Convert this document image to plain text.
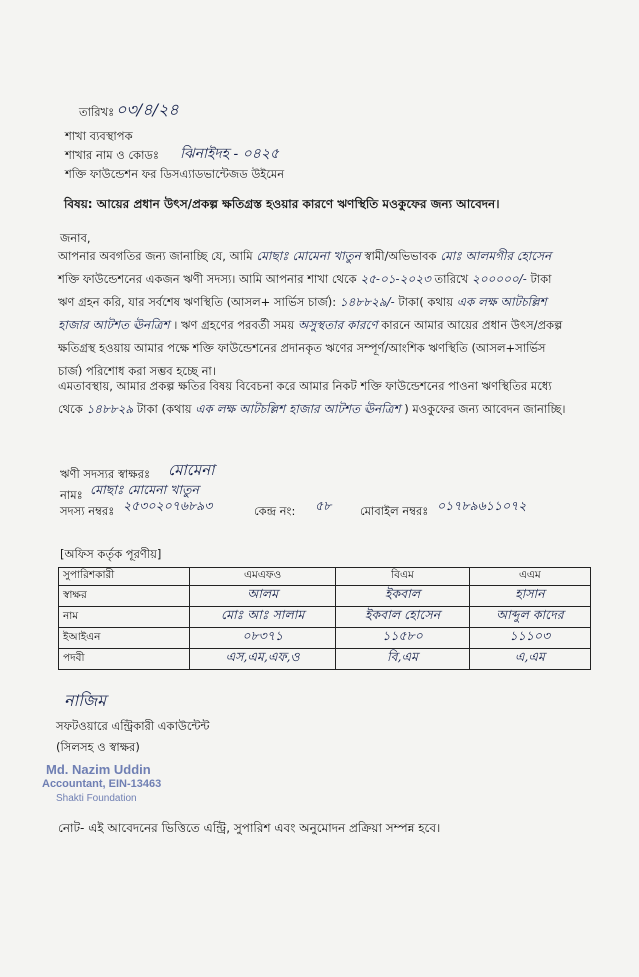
তারিখঃ ০৩/৪/২৪
শাখা ব্যবস্থাপক
শাখার নাম ও কোডঃ ঝিনাইদহ - ০৪২৫
শক্তি ফাউন্ডেশন ফর ডিসএ্যাডভান্টেজড উইমেন
বিষয়: আয়ের প্রধান উৎস/প্রকল্প ক্ষতিগ্রস্ত হওয়ার কারণে ঋণস্থিতি মওকুফের জন্য আবেদন।
জনাব,
আপনার অবগতির জন্য জানাচ্ছি যে, আমি মোছাঃ মোমেনা খাতুন স্বামী/অভিভাবক মোঃ আলমগীর হোসেন শক্তি ফাউন্ডেশনের একজন ঋণী সদস্য। আমি আপনার শাখা থেকে ২৫-০১-২০২৩ তারিখে ২০০০০০/- টাকা ঋণ গ্রহন করি, যার সর্বশেষ ঋণস্থিতি (আসল+ সার্ভিস চার্জ): ১৪৮৮২৯/- টাকা( কথায় এক লক্ষ আটচল্লিশ হাজার আটশত ঊনত্রিশ । ঋণ গ্রহণের পরবর্তী সময় অসুস্থতার কারণে কারনে আমার আয়ের প্রধান উৎস/প্রকল্প ক্ষতিগ্রস্থ হওয়ায় আমার পক্ষে শক্তি ফাউন্ডেশনের প্রদানকৃত ঋণের সম্পূর্ণ/আংশিক ঋণস্থিতি (আসল+সার্ভিস চার্জ) পরিশোধ করা সম্ভব হচ্ছে না।
এমতাবস্থায়, আমার প্রকল্প ক্ষতির বিষয় বিবেচনা করে আমার নিকট শক্তি ফাউন্ডেশনের পাওনা ঋণস্থিতির মধ্যে থেকে ১৪৮৮২৯ টাকা (কথায় এক লক্ষ আটচল্লিশ হাজার আটশত ঊনত্রিশ ) মওকুফের জন্য আবেদন জানাচ্ছি।
ঋণী সদস্যর স্বাক্ষরঃ মোমেনা
নামঃ মোছাঃ মোমেনা খাতুন
সদস্য নম্বরঃ ২৫৩০২০৭৬৮৯৩	কেন্দ্র নং: ৫৮	মোবাইল নম্বরঃ ০১৭৮৯৬১১০৭২
[অফিস কর্তৃক পূরণীয়]
সুপারিশকারী	এমএফও	বিএম	এএম
স্বাক্ষর	আলম	ইকবাল	হাসান
নাম	মোঃ আঃ সালাম	ইকবাল হোসেন	আব্দুল কাদের
ইআইএন	০৮৩৭১	১১৫৮০	১১১০৩
পদবী	এস,এম,এফ,ও	বি,এম	এ,এম
নাজিম
সফটওয়ারে এন্ট্রিকারী একাউন্টেন্ট
(সিলসহ ও স্বাক্ষর)
Md. Nazim Uddin
Accountant, EIN-13463
Shakti Foundation
নোট- এই আবেদনের ভিত্তিতে এন্ট্রি, সুপারিশ এবং অনুমোদন প্রক্রিয়া সম্পন্ন হবে।
